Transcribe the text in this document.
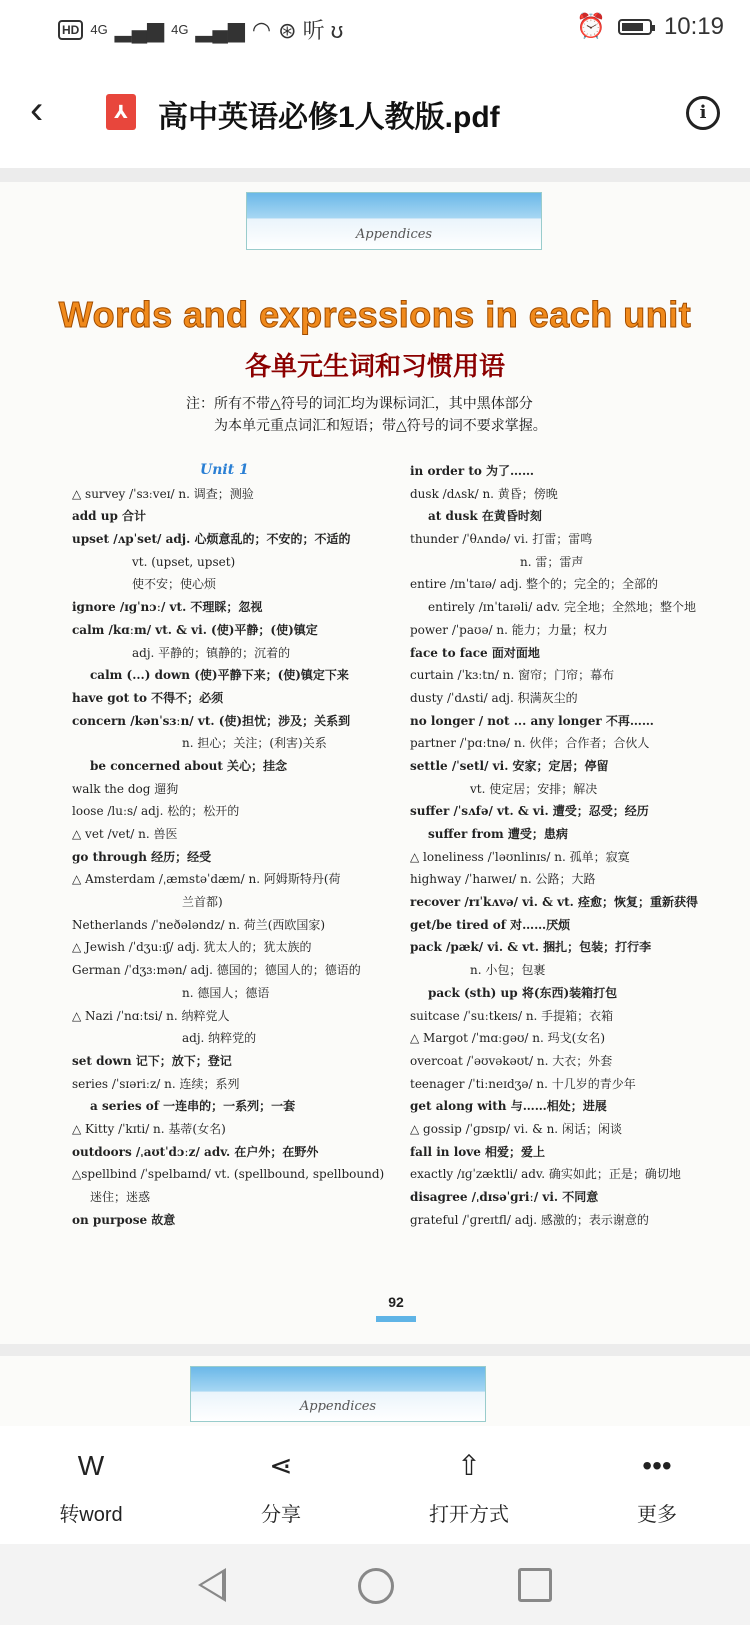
HD 4G ▂▄▆ 4G ▂▄▆ ◠ ⊛ 听 ʊ	⏰ 10:19
‹	⅄ 高中英语必修1人教版.pdf	i
Appendices
Words and expressions in each unit
各单元生词和习惯用语
注：所有不带△符号的词汇均为课标词汇，其中黑体部分
为本单元重点词汇和短语；带△符号的词不要求掌握。
Unit 1
△ survey /ˈsɜːveɪ/ n. 调查；测验
add up 合计
upset /ʌpˈset/ adj. 心烦意乱的；不安的；不适的
vt. (upset, upset)
使不安；使心烦
ignore /ɪɡˈnɔː/ vt. 不理睬；忽视
calm /kɑːm/ vt. & vi. (使)平静；(使)镇定
adj. 平静的；镇静的；沉着的
calm (...) down (使)平静下来；(使)镇定下来
have got to 不得不；必须
concern /kənˈsɜːn/ vt. (使)担忧；涉及；关系到
n. 担心；关注；(利害)关系
be concerned about 关心；挂念
walk the dog 遛狗
loose /luːs/ adj. 松的；松开的
△ vet /vet/ n. 兽医
go through 经历；经受
△ Amsterdam /ˌæmstəˈdæm/ n. 阿姆斯特丹(荷
兰首都)
Netherlands /ˈneðələndz/ n. 荷兰(西欧国家)
△ Jewish /ˈdʒuːɪʃ/ adj. 犹太人的；犹太族的
German /ˈdʒɜːmən/ adj. 德国的；德国人的；德语的
n. 德国人；德语
△ Nazi /ˈnɑːtsi/ n. 纳粹党人
adj. 纳粹党的
set down 记下；放下；登记
series /ˈsɪəriːz/ n. 连续；系列
a series of 一连串的；一系列；一套
△ Kitty /ˈkɪti/ n. 基蒂(女名)
outdoors /ˌaʊtˈdɔːz/ adv. 在户外；在野外
△spellbind /ˈspelbaɪnd/ vt. (spellbound, spellbound)
迷住；迷惑
on purpose 故意
in order to 为了……
dusk /dʌsk/ n. 黄昏；傍晚
at dusk 在黄昏时刻
thunder /ˈθʌndə/ vi. 打雷；雷鸣
n. 雷；雷声
entire /ɪnˈtaɪə/ adj. 整个的；完全的；全部的
entirely /ɪnˈtaɪəli/ adv. 完全地；全然地；整个地
power /ˈpaʊə/ n. 能力；力量；权力
face to face 面对面地
curtain /ˈkɜːtn/ n. 窗帘；门帘；幕布
dusty /ˈdʌsti/ adj. 积满灰尘的
no longer / not ... any longer 不再……
partner /ˈpɑːtnə/ n. 伙伴；合作者；合伙人
settle /ˈsetl/ vi. 安家；定居；停留
vt. 使定居；安排；解决
suffer /ˈsʌfə/ vt. & vi. 遭受；忍受；经历
suffer from 遭受；患病
△ loneliness /ˈləʊnlinɪs/ n. 孤单；寂寞
highway /ˈhaɪweɪ/ n. 公路；大路
recover /rɪˈkʌvə/ vi. & vt. 痊愈；恢复；重新获得
get/be tired of 对……厌烦
pack /pæk/ vi. & vt. 捆扎；包装；打行李
n. 小包；包裹
pack (sth) up 将(东西)装箱打包
suitcase /ˈsuːtkeɪs/ n. 手提箱；衣箱
△ Margot /ˈmɑːɡəʊ/ n. 玛戈(女名)
overcoat /ˈəʊvəkəʊt/ n. 大衣；外套
teenager /ˈtiːneɪdʒə/ n. 十几岁的青少年
get along with 与……相处；进展
△ gossip /ˈɡɒsɪp/ vi. & n. 闲话；闲谈
fall in love 相爱；爱上
exactly /ɪɡˈzæktli/ adv. 确实如此；正是；确切地
disagree /ˌdɪsəˈɡriː/ vi. 不同意
grateful /ˈɡreɪtfl/ adj. 感激的；表示谢意的
92
Appendices
W
转word
⋖
分享
⇧
打开方式
•••
更多
